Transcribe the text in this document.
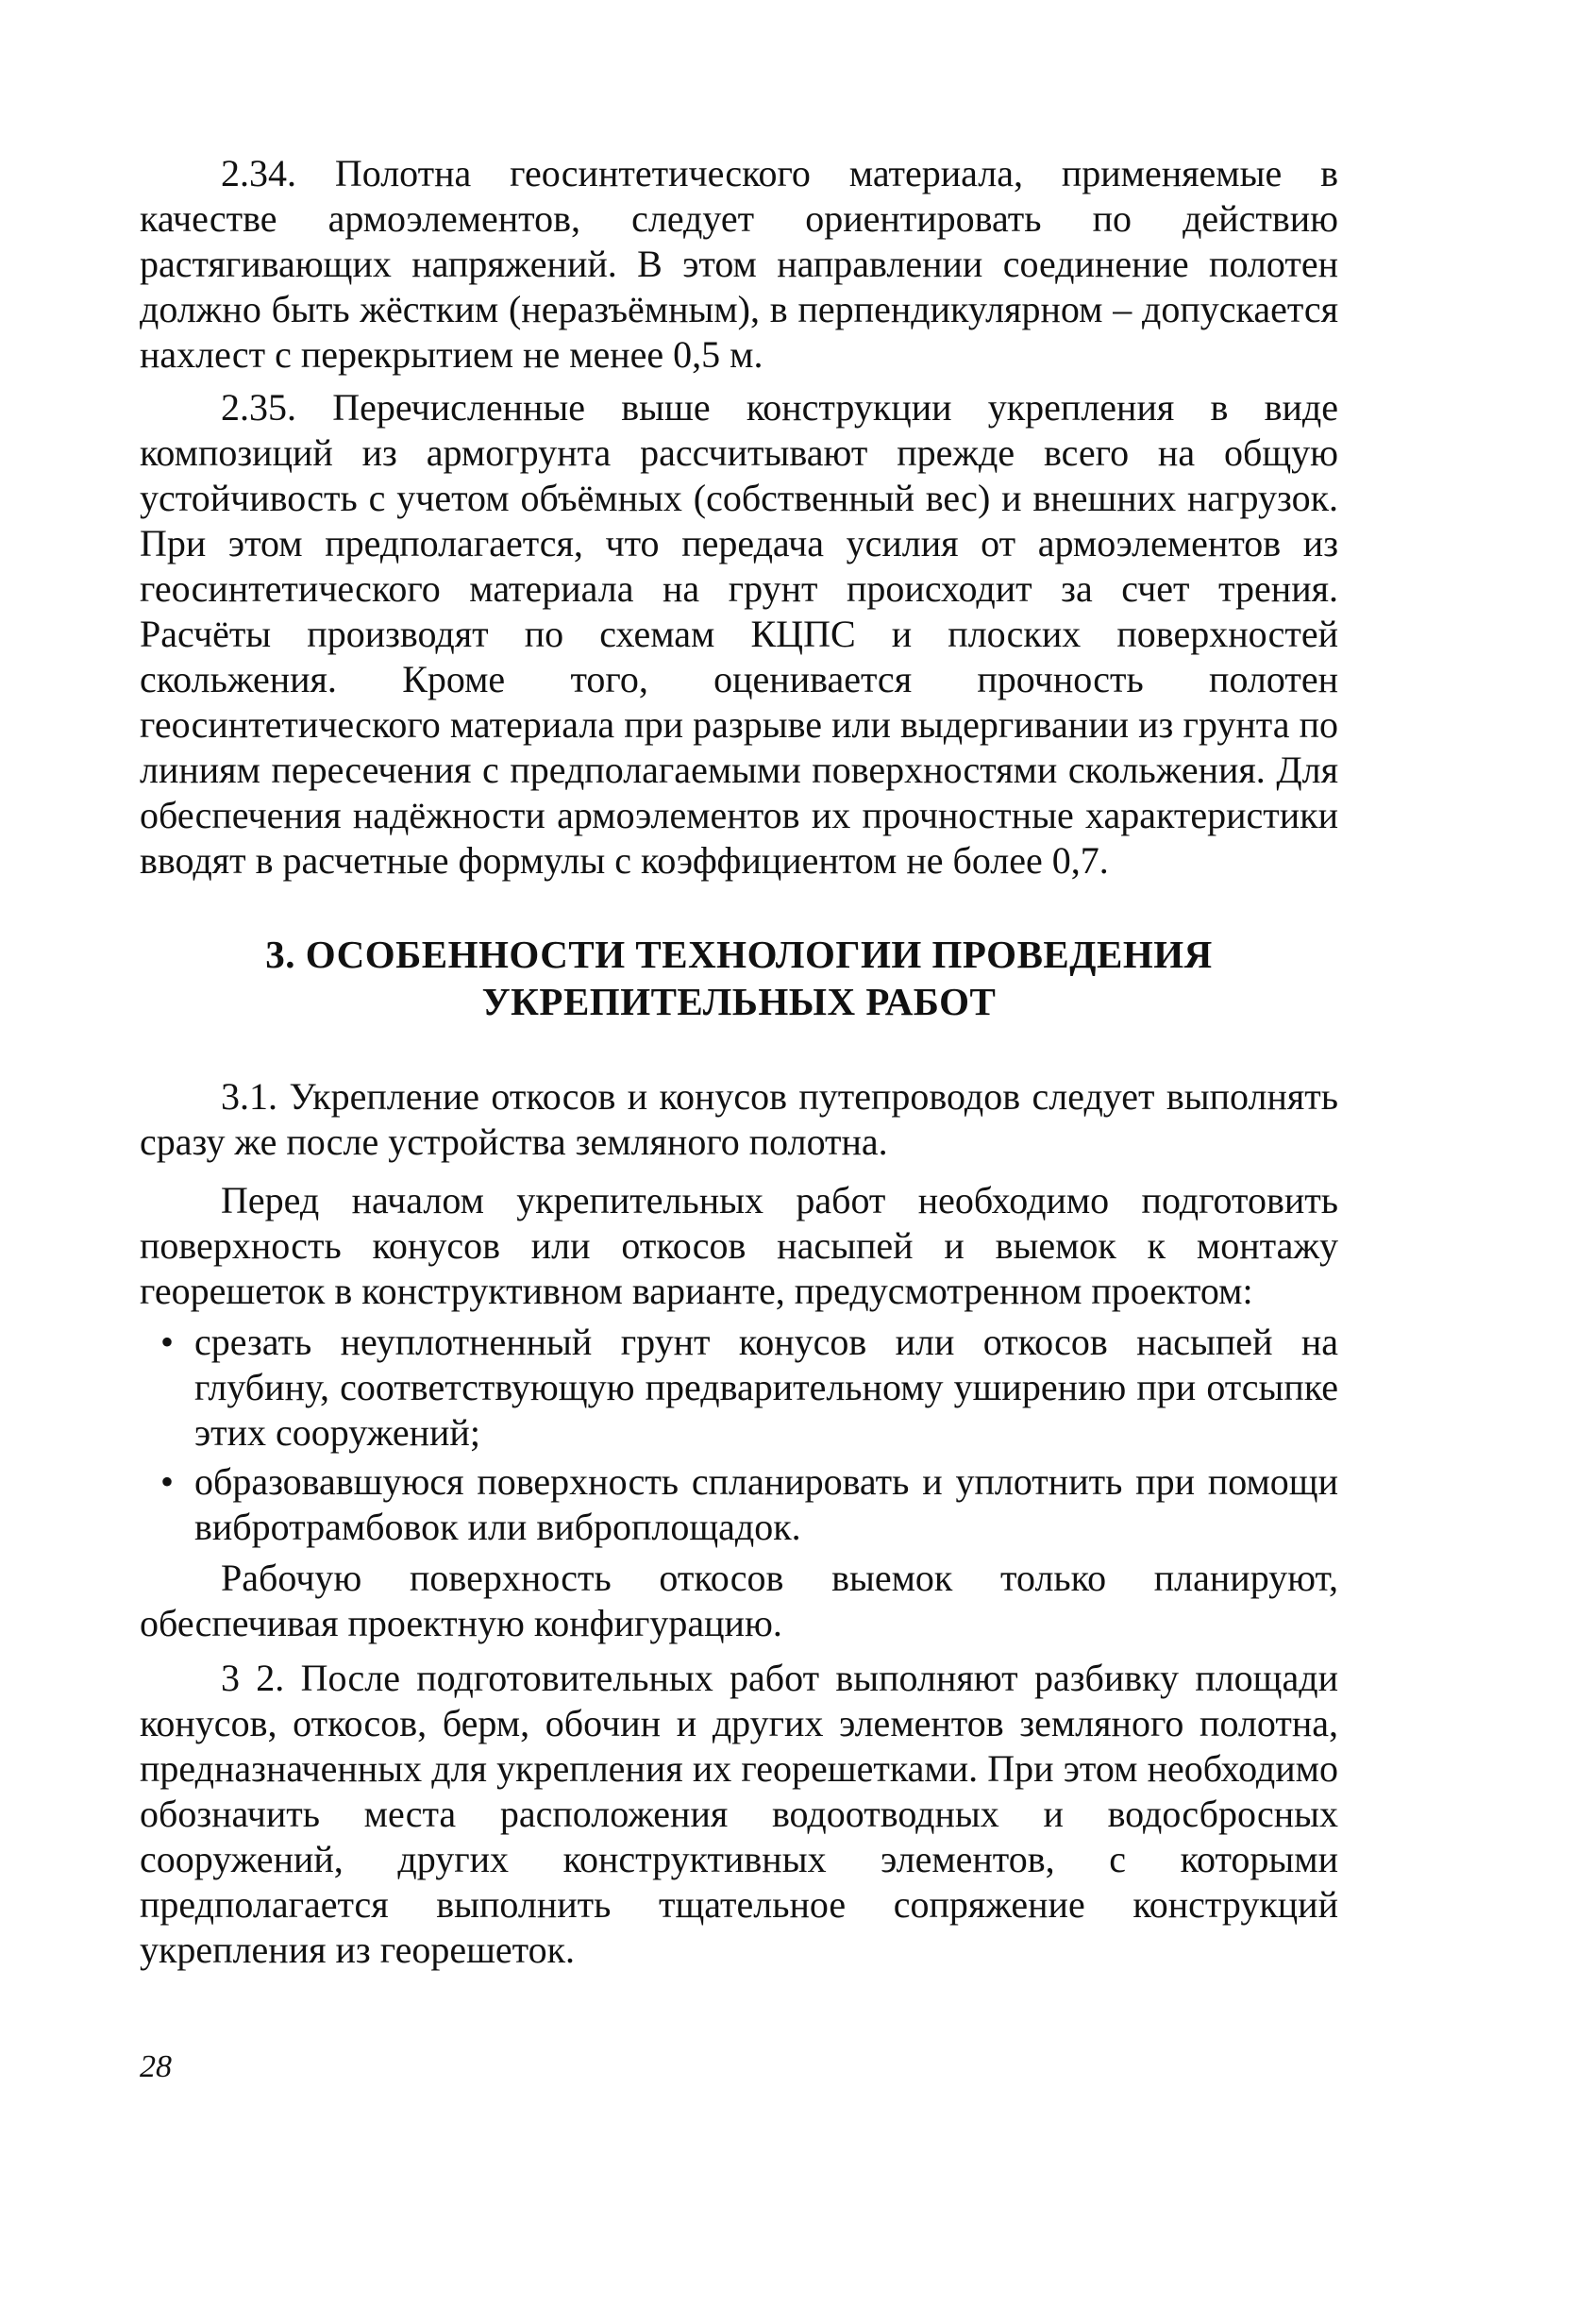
2.34. Полотна геосинтетического материала, применяемые в качестве армоэлементов, следует ориентировать по действию растягивающих напряжений. В этом направлении соединение полотен должно быть жёстким (неразъёмным), в перпендикулярном – допускается нахлест с перекрытием не менее 0,5 м.

2.35. Перечисленные выше конструкции укрепления в виде композиций из армогрунта рассчитывают прежде всего на общую устойчивость с учетом объёмных (собственный вес) и внешних нагрузок. При этом предполагается, что передача усилия от армоэлементов из геосинтетического материала на грунт происходит за счет трения. Расчёты производят по схемам КЦПС и плоских поверхностей скольжения. Кроме того, оценивается прочность полотен геосинтетического материала при разрыве или выдергивании из грунта по линиям пересечения с предполагаемыми поверхностями скольжения. Для обеспечения надёжности армоэлементов их прочностные характеристики вводят в расчетные формулы с коэффициентом не более 0,7.

3. ОСОБЕННОСТИ ТЕХНОЛОГИИ ПРОВЕДЕНИЯ
УКРЕПИТЕЛЬНЫХ РАБОТ

3.1. Укрепление откосов и конусов путепроводов следует выполнять сразу же после устройства земляного полотна.

Перед началом укрепительных работ необходимо подготовить поверхность конусов или откосов насыпей и выемок к монтажу георешеток в конструктивном варианте, предусмотренном проектом:

• срезать неуплотненный грунт конусов или откосов насыпей на глубину, соответствующую предварительному уширению при отсыпке этих сооружений;
• образовавшуюся поверхность спланировать и уплотнить при помощи вибротрамбовок или виброплощадок.

Рабочую поверхность откосов выемок только планируют, обеспечивая проектную конфигурацию.

3 2. После подготовительных работ выполняют разбивку площади конусов, откосов, берм, обочин и других элементов земляного полотна, предназначенных для укрепления их георешетками. При этом необходимо обозначить места расположения водоотводных и водосбросных сооружений, других конструктивных элементов, с которыми предполагается выполнить тщательное сопряжение конструкций укрепления из георешеток.

28
